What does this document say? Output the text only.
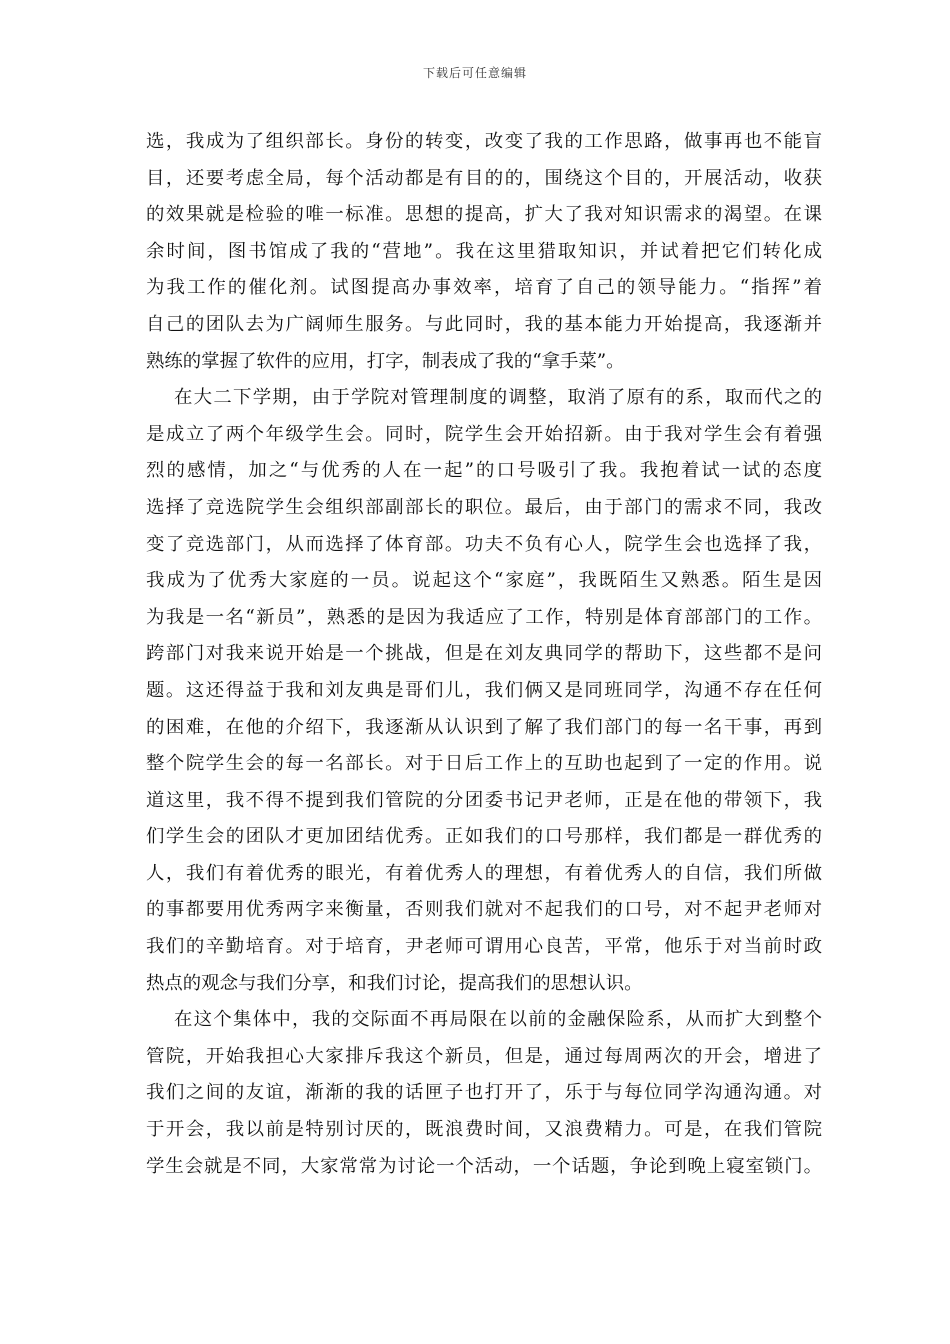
下载后可任意编辑
选，我成为了组织部长。身份的转变，改变了我的工作思路，做事再也不能盲
目，还要考虑全局，每个活动都是有目的的，围绕这个目的，开展活动，收获
的效果就是检验的唯一标准。思想的提高，扩大了我对知识需求的渴望。在课
余时间，图书馆成了我的“营地”。我在这里猎取知识，并试着把它们转化成
为我工作的催化剂。试图提高办事效率，培育了自己的领导能力。“指挥”着
自己的团队去为广阔师生服务。与此同时，我的基本能力开始提高，我逐渐并
熟练的掌握了软件的应用，打字，制表成了我的“拿手菜”。
在大二下学期，由于学院对管理制度的调整，取消了原有的系，取而代之的
是成立了两个年级学生会。同时，院学生会开始招新。由于我对学生会有着强
烈的感情，加之“与优秀的人在一起”的口号吸引了我。我抱着试一试的态度
选择了竞选院学生会组织部副部长的职位。最后，由于部门的需求不同，我改
变了竞选部门，从而选择了体育部。功夫不负有心人，院学生会也选择了我，
我成为了优秀大家庭的一员。说起这个“家庭”，我既陌生又熟悉。陌生是因
为我是一名“新员”，熟悉的是因为我适应了工作，特别是体育部部门的工作。
跨部门对我来说开始是一个挑战，但是在刘友典同学的帮助下，这些都不是问
题。这还得益于我和刘友典是哥们儿，我们俩又是同班同学，沟通不存在任何
的困难，在他的介绍下，我逐渐从认识到了解了我们部门的每一名干事，再到
整个院学生会的每一名部长。对于日后工作上的互助也起到了一定的作用。说
道这里，我不得不提到我们管院的分团委书记尹老师，正是在他的带领下，我
们学生会的团队才更加团结优秀。正如我们的口号那样，我们都是一群优秀的
人，我们有着优秀的眼光，有着优秀人的理想，有着优秀人的自信，我们所做
的事都要用优秀两字来衡量，否则我们就对不起我们的口号，对不起尹老师对
我们的辛勤培育。对于培育，尹老师可谓用心良苦，平常，他乐于对当前时政
热点的观念与我们分享，和我们讨论，提高我们的思想认识。
在这个集体中，我的交际面不再局限在以前的金融保险系，从而扩大到整个
管院，开始我担心大家排斥我这个新员，但是，通过每周两次的开会，增进了
我们之间的友谊，渐渐的我的话匣子也打开了，乐于与每位同学沟通沟通。对
于开会，我以前是特别讨厌的，既浪费时间，又浪费精力。可是，在我们管院
学生会就是不同，大家常常为讨论一个活动，一个话题，争论到晚上寝室锁门。
